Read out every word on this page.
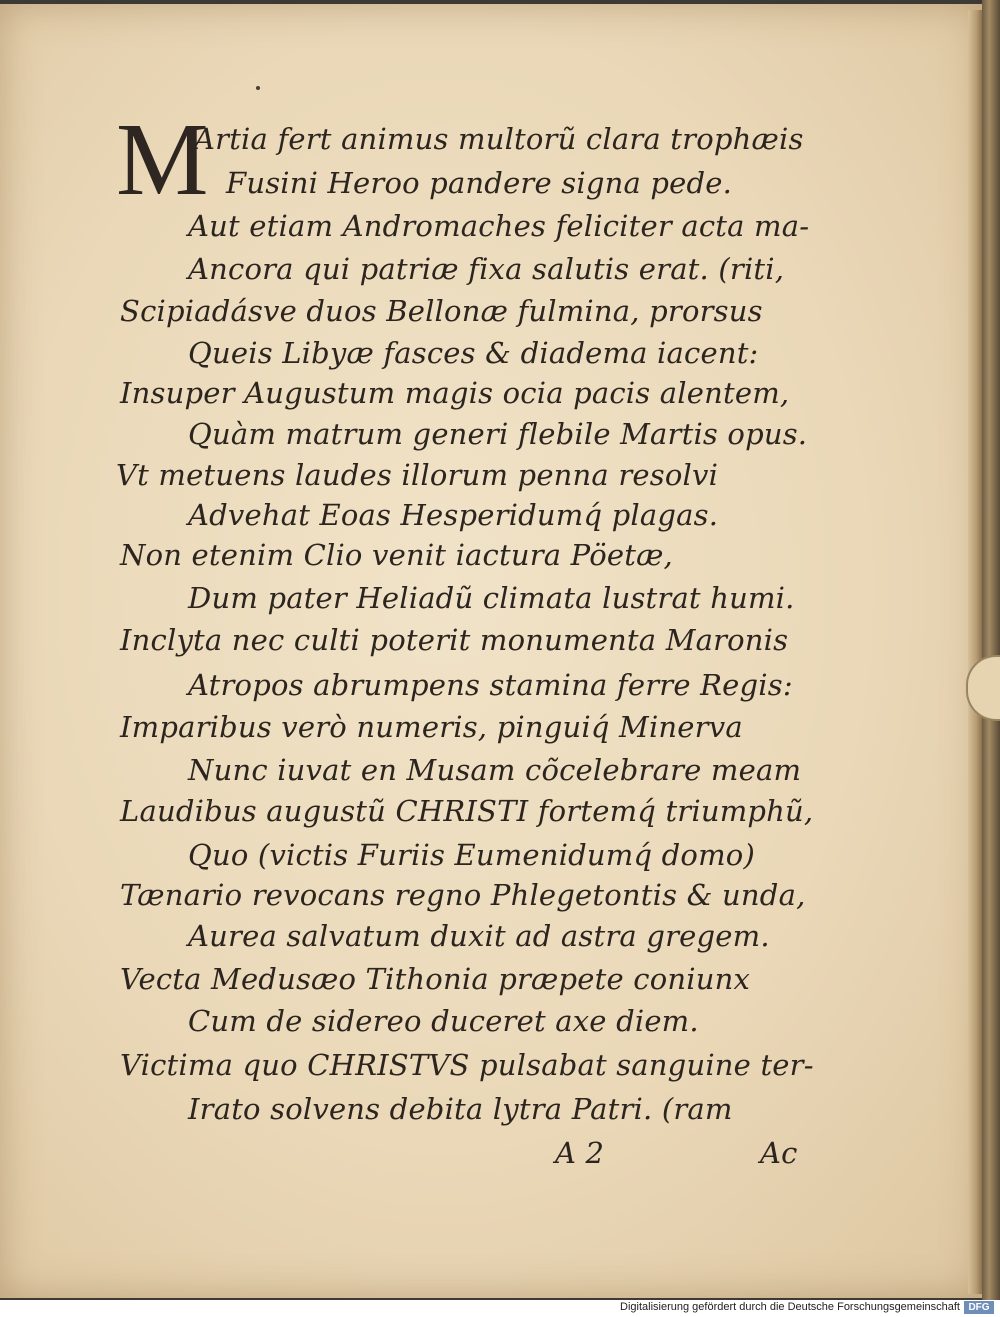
M
Artia fert animus multorũ clara trophæis
Fusini Heroo pandere signa pede.
Aut etiam Andromaches feliciter acta ma-
Ancora qui patriæ fixa salutis erat. (riti,
Scipiadásve duos Bellonæ fulmina, prorsus
Queis Libyæ fasces & diadema iacent:
Insuper Augustum magis ocia pacis alentem,
Quàm matrum generi flebile Martis opus.
Vt metuens laudes illorum penna resolvi
Advehat Eoas Hesperidumq́ plagas.
Non etenim Clio venit iactura Pöetæ,
Dum pater Heliadũ climata lustrat humi.
Inclyta nec culti poterit monumenta Maronis
Atropos abrumpens stamina ferre Regis:
Imparibus verò numeris, pinguiq́ Minerva
Nunc iuvat en Musam cõcelebrare meam
Laudibus augustũ CHRISTI fortemq́ triumphũ,
Quo (victis Furiis Eumenidumq́ domo)
Tænario revocans regno Phlegetontis & unda,
Aurea salvatum duxit ad astra gregem.
Vecta Medusæo Tithonia præpete coniunx
Cum de sidereo duceret axe diem.
Victima quo CHRISTVS pulsabat sanguine ter-
Irato solvens debita lytra Patri. (ram
A 2	Ac
Digitalisierung gefördert durch die Deutsche Forschungsgemeinschaft DFG
